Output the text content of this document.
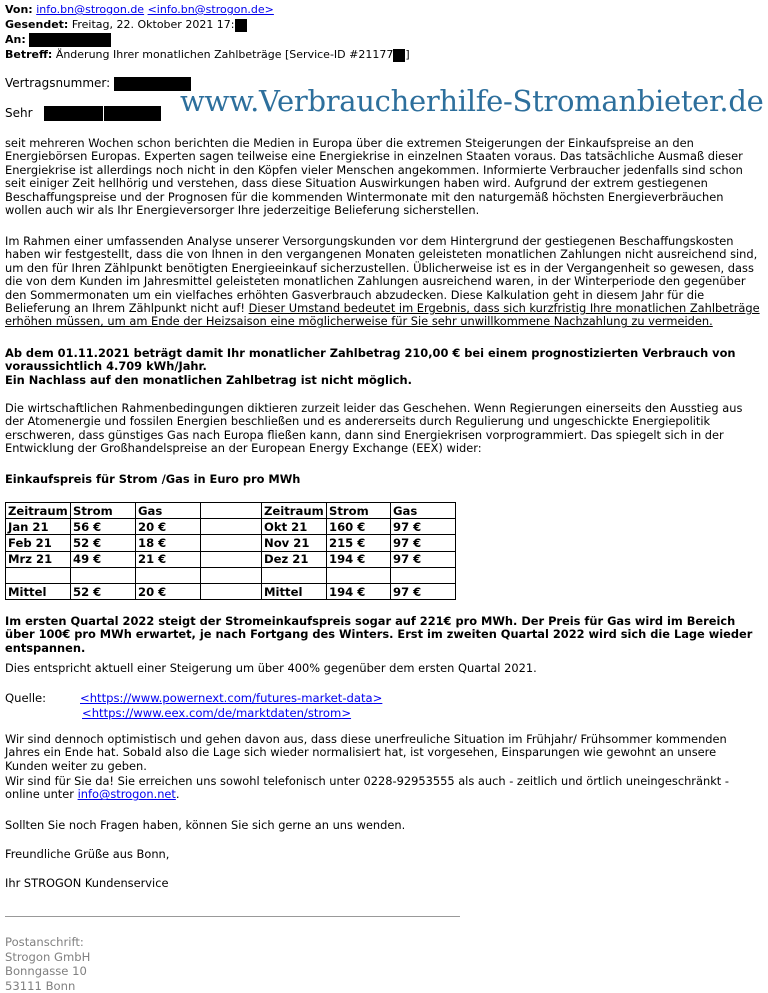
Von: info.bn@strogon.de <info.bn@strogon.de>
Gesendet: Freitag, 22. Oktober 2021 17:
An:
Betreff: Änderung Ihrer monatlichen Zahlbeträge [Service-ID #21177 ]
Vertragsnummer:
Sehr	www.Verbraucherhilfe-Stromanbieter.de

seit mehreren Wochen schon berichten die Medien in Europa über die extremen Steigerungen der Einkaufspreise an den Energiebörsen Europas. Experten sagen teilweise eine Energiekrise in einzelnen Staaten voraus. Das tatsächliche Ausmaß dieser Energiekrise ist allerdings noch nicht in den Köpfen vieler Menschen angekommen. Informierte Verbraucher jedenfalls sind schon seit einiger Zeit hellhörig und verstehen, dass diese Situation Auswirkungen haben wird. Aufgrund der extrem gestiegenen Beschaffungspreise und der Prognosen für die kommenden Wintermonate mit den naturgemäß höchsten Energieverbräuchen wollen auch wir als Ihr Energieversorger Ihre jederzeitige Belieferung sicherstellen.

Im Rahmen einer umfassenden Analyse unserer Versorgungskunden vor dem Hintergrund der gestiegenen Beschaffungskosten haben wir festgestellt, dass die von Ihnen in den vergangenen Monaten geleisteten monatlichen Zahlungen nicht ausreichend sind, um den für Ihren Zählpunkt benötigten Energieeinkauf sicherzustellen. Üblicherweise ist es in der Vergangenheit so gewesen, dass die von dem Kunden im Jahresmittel geleisteten monatlichen Zahlungen ausreichend waren, in der Winterperiode den gegenüber den Sommermonaten um ein vielfaches erhöhten Gasverbrauch abzudecken. Diese Kalkulation geht in diesem Jahr für die Belieferung an Ihrem Zählpunkt nicht auf! Dieser Umstand bedeutet im Ergebnis, dass sich kurzfristig Ihre monatlichen Zahlbeträge erhöhen müssen, um am Ende der Heizsaison eine möglicherweise für Sie sehr unwillkommene Nachzahlung zu vermeiden.

Ab dem 01.11.2021 beträgt damit Ihr monatlicher Zahlbetrag 210,00 € bei einem prognostizierten Verbrauch von voraussichtlich 4.709 kWh/Jahr.

Ein Nachlass auf den monatlichen Zahlbetrag ist nicht möglich.

Die wirtschaftlichen Rahmenbedingungen diktieren zurzeit leider das Geschehen. Wenn Regierungen einerseits den Ausstieg aus der Atomenergie und fossilen Energien beschließen und es andererseits durch Regulierung und ungeschickte Energiepolitik erschweren, dass günstiges Gas nach Europa fließen kann, dann sind Energiekrisen vorprogrammiert. Das spiegelt sich in der Entwicklung der Großhandelspreise an der European Energy Exchange (EEX) wider:

Einkaufspreis für Strom /Gas in Euro pro MWh

Zeitraum	Strom	Gas		Zeitraum	Strom	Gas
Jan 21	56 €	20 €		Okt 21	160 €	97 €
Feb 21	52 €	18 €		Nov 21	215 €	97 €
Mrz 21	49 €	21 €		Dez 21	194 €	97 €

Mittel	52 €	20 €		Mittel	194 €	97 €

Im ersten Quartal 2022 steigt der Stromeinkaufspreis sogar auf 221€ pro MWh. Der Preis für Gas wird im Bereich über 100€ pro MWh erwartet, je nach Fortgang des Winters. Erst im zweiten Quartal 2022 wird sich die Lage wieder entspannen.

Dies entspricht aktuell einer Steigerung um über 400% gegenüber dem ersten Quartal 2021.

Quelle:	<https://www.powernext.com/futures-market-data>
<https://www.eex.com/de/marktdaten/strom>

Wir sind dennoch optimistisch und gehen davon aus, dass diese unerfreuliche Situation im Frühjahr/ Frühsommer kommenden Jahres ein Ende hat. Sobald also die Lage sich wieder normalisiert hat, ist vorgesehen, Einsparungen wie gewohnt an unsere Kunden weiter zu geben.

Wir sind für Sie da! Sie erreichen uns sowohl telefonisch unter 0228-92953555 als auch - zeitlich und örtlich uneingeschränkt - online unter info@strogon.net.

Sollten Sie noch Fragen haben, können Sie sich gerne an uns wenden.

Freundliche Grüße aus Bonn,

Ihr STROGON Kundenservice

Postanschrift:
Strogon GmbH
Bonngasse 10
53111 Bonn
